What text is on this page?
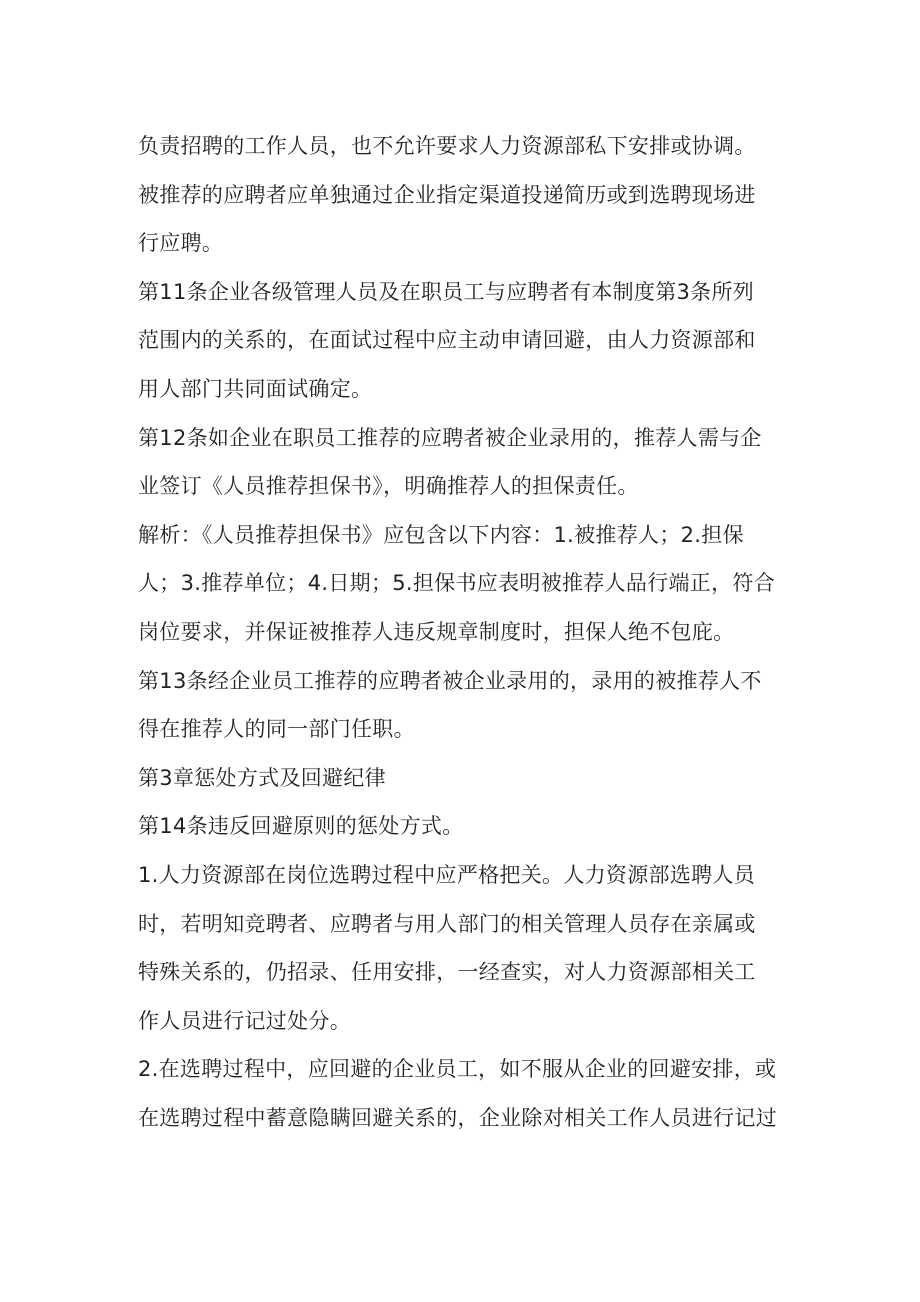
负责招聘的工作人员，也不允许要求人力资源部私下安排或协调。
被推荐的应聘者应单独通过企业指定渠道投递简历或到选聘现场进
行应聘。

第11条企业各级管理人员及在职员工与应聘者有本制度第3条所列
范围内的关系的，在面试过程中应主动申请回避，由人力资源部和
用人部门共同面试确定。

第12条如企业在职员工推荐的应聘者被企业录用的，推荐人需与企
业签订《人员推荐担保书》，明确推荐人的担保责任。

解析：《人员推荐担保书》应包含以下内容：1.被推荐人；2.担保
人；3.推荐单位；4.日期；5.担保书应表明被推荐人品行端正，符合
岗位要求，并保证被推荐人违反规章制度时，担保人绝不包庇。

第13条经企业员工推荐的应聘者被企业录用的，录用的被推荐人不
得在推荐人的同一部门任职。

第3章惩处方式及回避纪律

第14条违反回避原则的惩处方式。

1.人力资源部在岗位选聘过程中应严格把关。人力资源部选聘人员
时，若明知竞聘者、应聘者与用人部门的相关管理人员存在亲属或
特殊关系的，仍招录、任用安排，一经查实，对人力资源部相关工
作人员进行记过处分。

2.在选聘过程中，应回避的企业员工，如不服从企业的回避安排，或
在选聘过程中蓄意隐瞒回避关系的，企业除对相关工作人员进行记过
